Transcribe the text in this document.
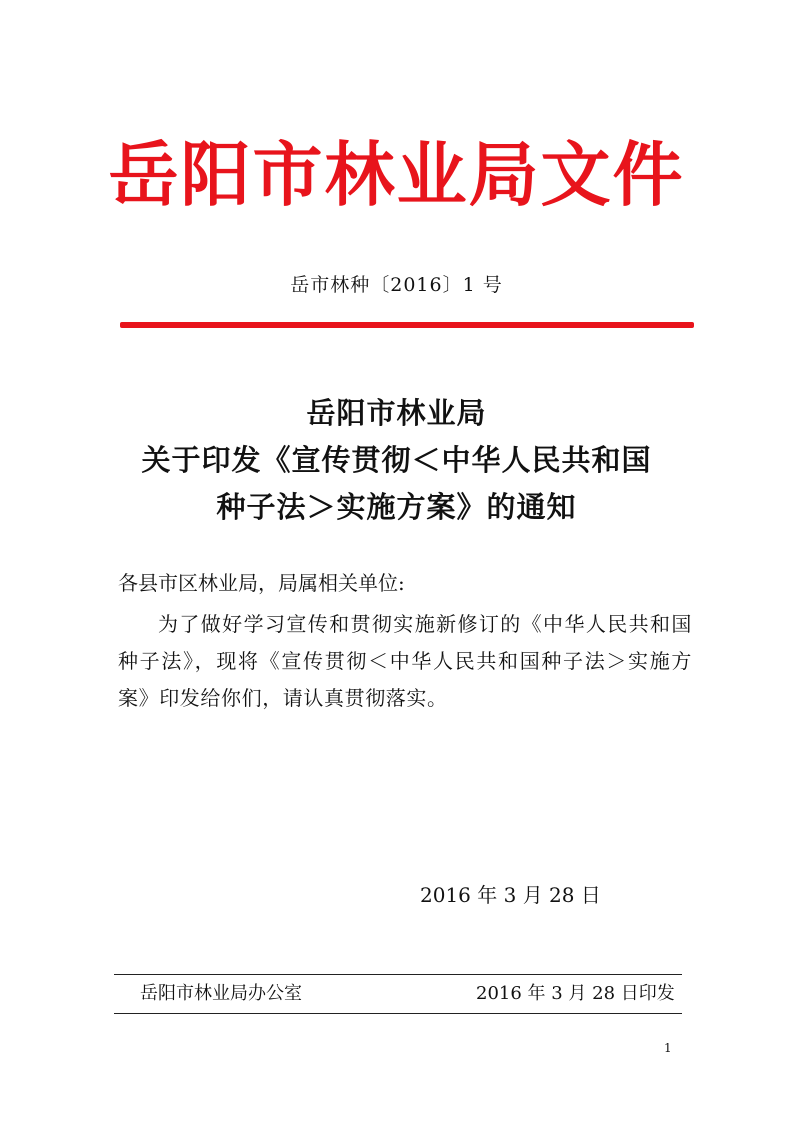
岳阳市林业局文件
岳市林种〔2016〕1 号
岳阳市林业局
关于印发《宣传贯彻＜中华人民共和国
种子法＞实施方案》的通知
各县市区林业局，局属相关单位:
为了做好学习宣传和贯彻实施新修订的《中华人民共和国种子法》，现将《宣传贯彻＜中华人民共和国种子法＞实施方案》印发给你们，请认真贯彻落实。
2016 年 3 月 28 日
岳阳市林业局办公室	2016 年 3 月 28 日印发
1
